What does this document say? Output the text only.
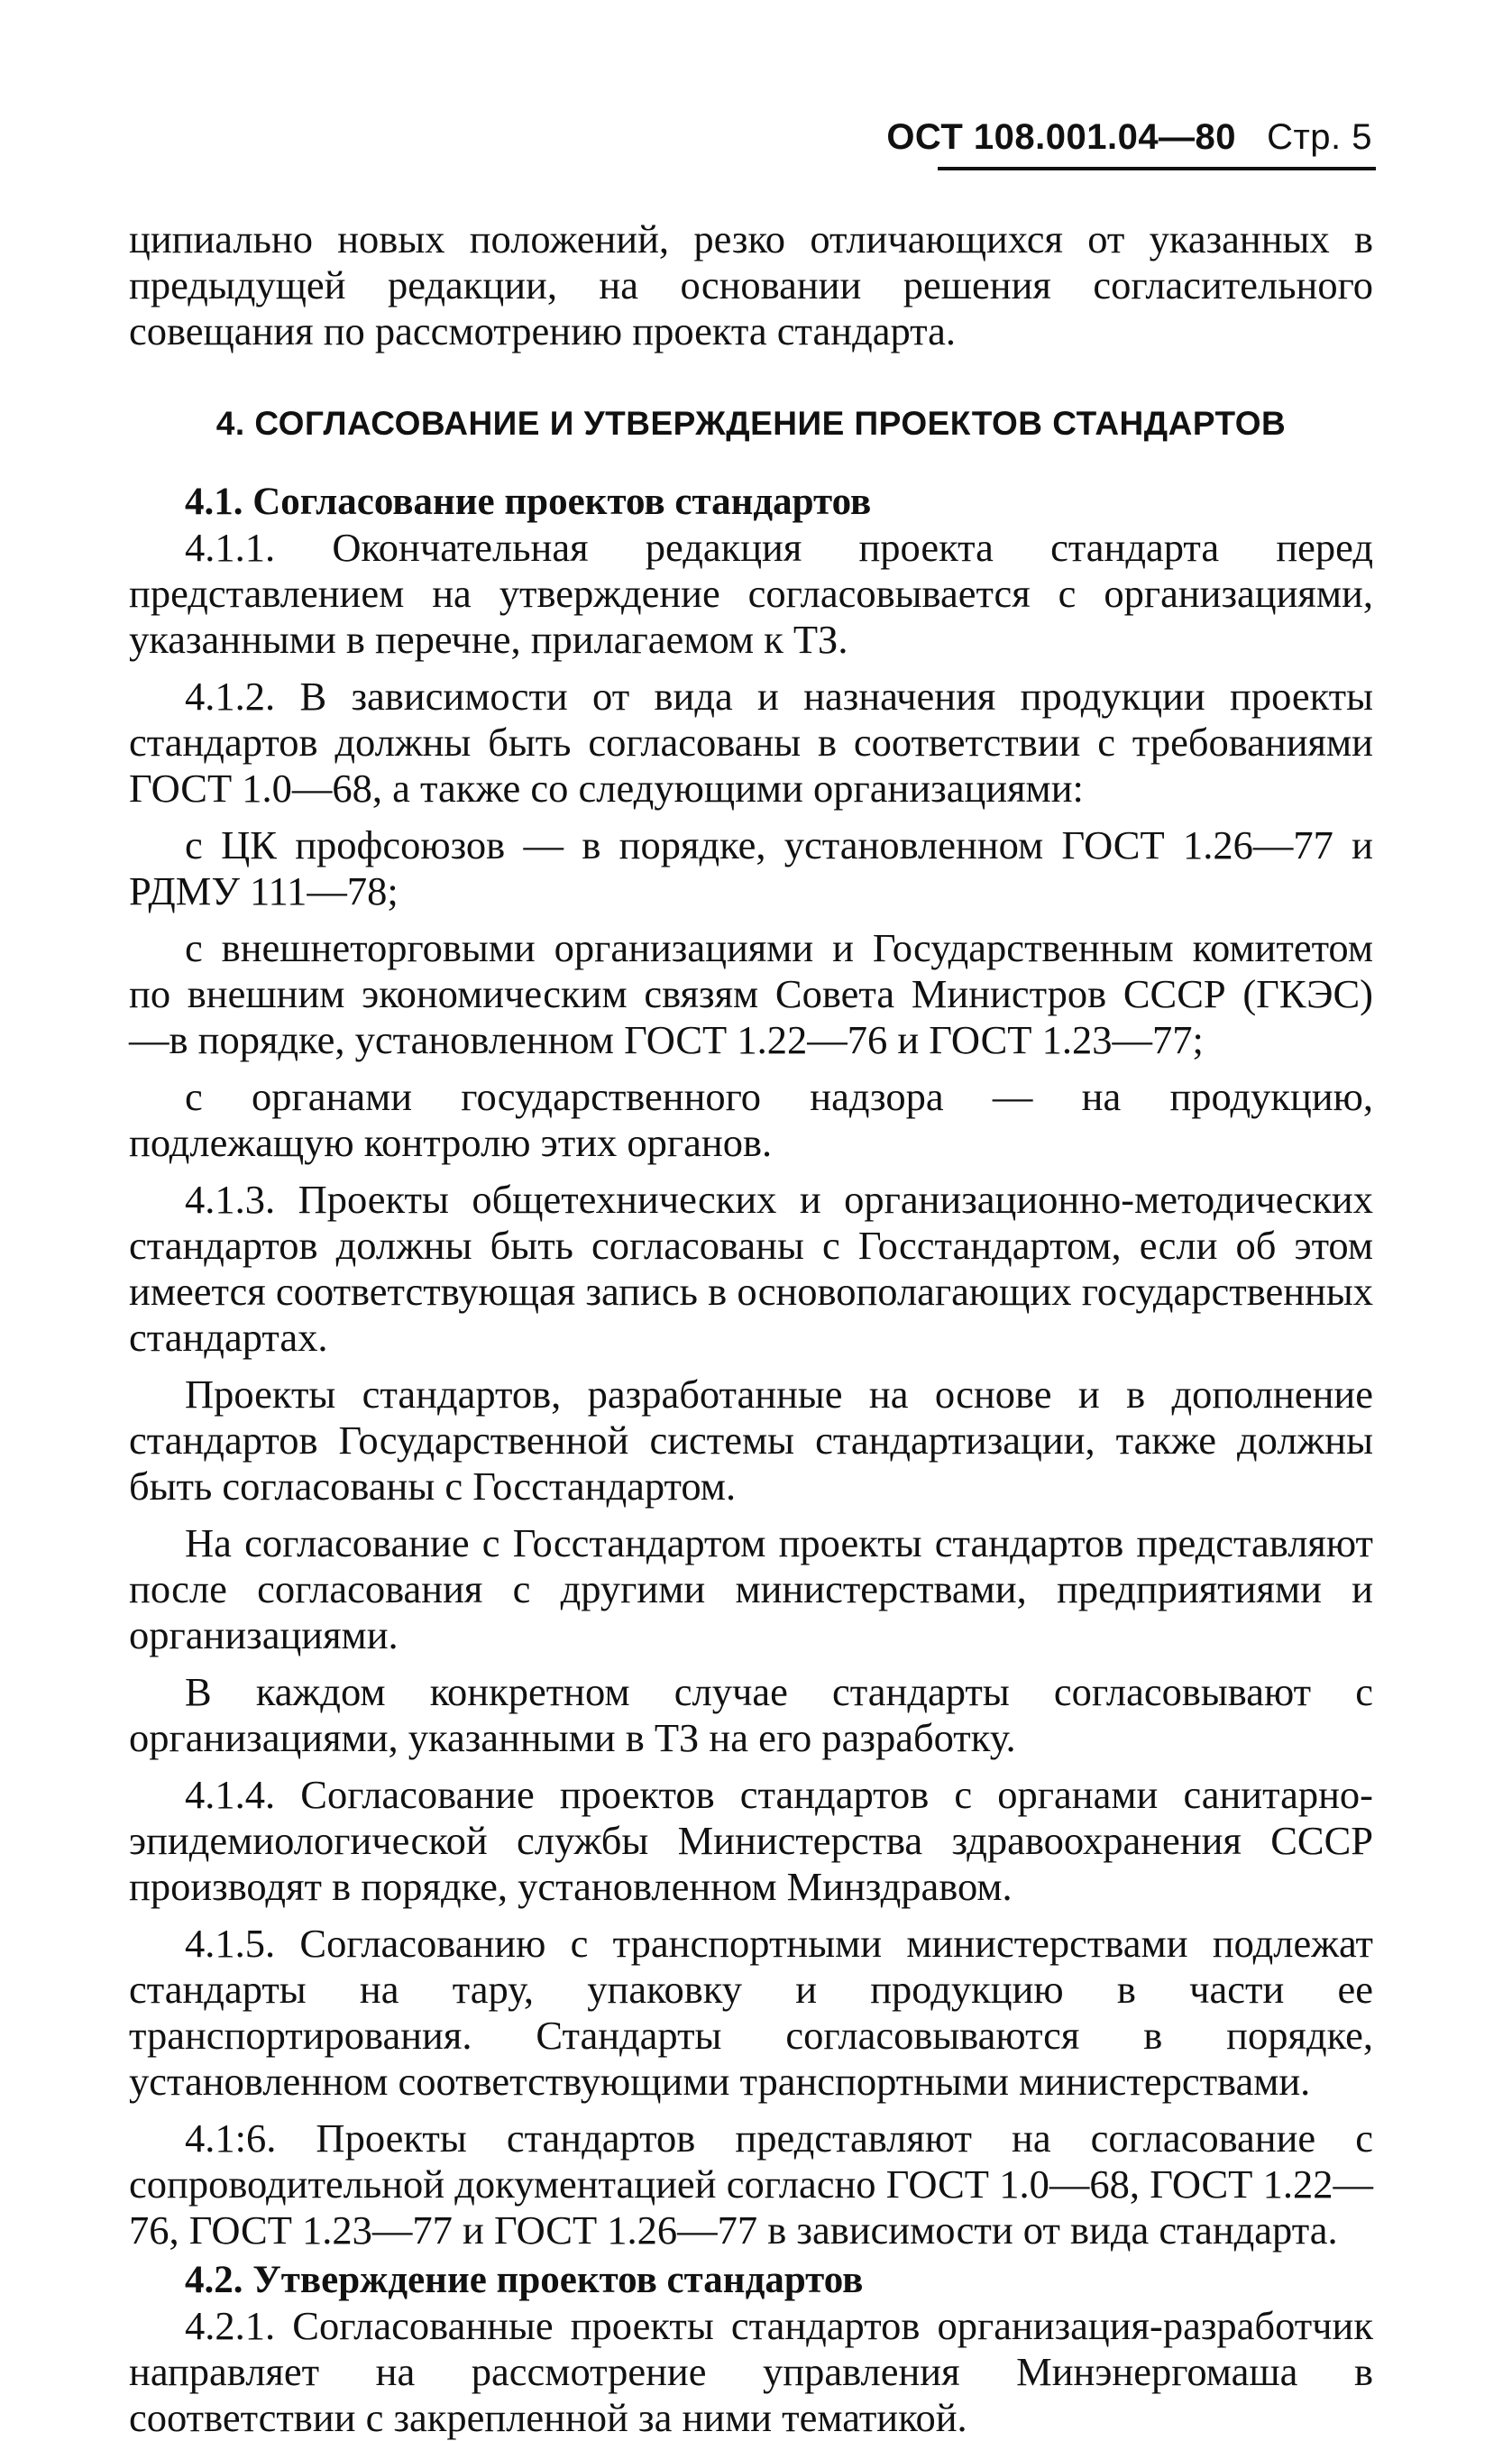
ОСТ 108.001.04—80 Стр. 5

ципиально новых положений, резко отличающихся от указанных в предыдущей редакции, на основании решения согласительного совещания по рассмотрению проекта стандарта.

4. СОГЛАСОВАНИЕ И УТВЕРЖДЕНИЕ ПРОЕКТОВ СТАНДАРТОВ

4.1. Согласование проектов стандартов

4.1.1. Окончательная редакция проекта стандарта перед представлением на утверждение согласовывается с организациями, указанными в перечне, прилагаемом к ТЗ.

4.1.2. В зависимости от вида и назначения продукции проекты стандартов должны быть согласованы в соответствии с требованиями ГОСТ 1.0—68, а также со следующими организациями:

с ЦК профсоюзов — в порядке, установленном ГОСТ 1.26—77 и РДМУ 111—78;

с внешнеторговыми организациями и Государственным комитетом по внешним экономическим связям Совета Министров СССР (ГКЭС) —в порядке, установленном ГОСТ 1.22—76 и ГОСТ 1.23—77;

с органами государственного надзора — на продукцию, подлежащую контролю этих органов.

4.1.3. Проекты общетехнических и организационно-методических стандартов должны быть согласованы с Госстандартом, если об этом имеется соответствующая запись в основополагающих государственных стандартах.

Проекты стандартов, разработанные на основе и в дополнение стандартов Государственной системы стандартизации, также должны быть согласованы с Госстандартом.

На согласование с Госстандартом проекты стандартов представляют после согласования с другими министерствами, предприятиями и организациями.

В каждом конкретном случае стандарты согласовывают с организациями, указанными в ТЗ на его разработку.

4.1.4. Согласование проектов стандартов с органами санитарно-эпидемиологической службы Министерства здравоохранения СССР производят в порядке, установленном Минздравом.

4.1.5. Согласованию с транспортными министерствами подлежат стандарты на тару, упаковку и продукцию в части ее транспортирования. Стандарты согласовываются в порядке, установленном соответствующими транспортными министерствами.

4.1:6. Проекты стандартов представляют на согласование с сопроводительной документацией согласно ГОСТ 1.0—68, ГОСТ 1.22—76, ГОСТ 1.23—77 и ГОСТ 1.26—77 в зависимости от вида стандарта.

4.2. Утверждение проектов стандартов

4.2.1. Согласованные проекты стандартов организация-разработчик направляет на рассмотрение управления Минэнергомаша в соответствии с закрепленной за ними тематикой.
